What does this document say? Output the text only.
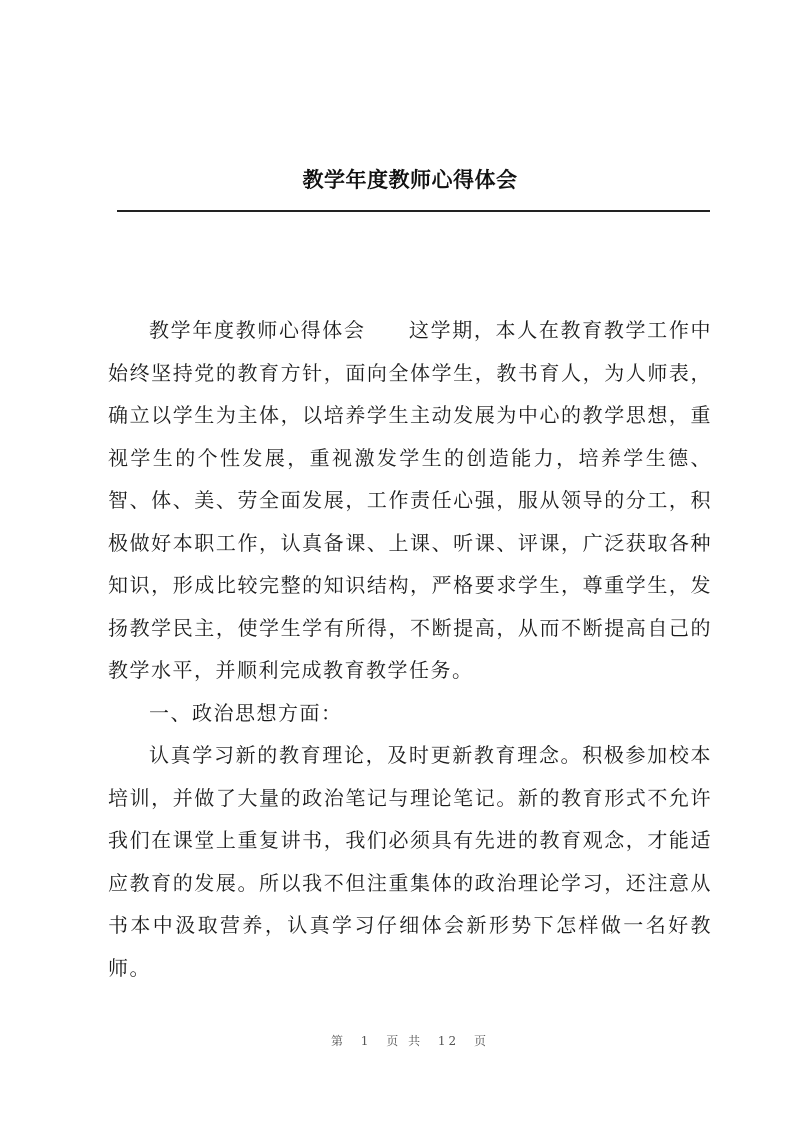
教学年度教师心得体会

教学年度教师心得体会　　这学期，本人在教育教学工作中始终坚持党的教育方针，面向全体学生，教书育人，为人师表，确立以学生为主体，以培养学生主动发展为中心的教学思想，重视学生的个性发展，重视激发学生的创造能力，培养学生德、智、体、美、劳全面发展，工作责任心强，服从领导的分工，积极做好本职工作，认真备课、上课、听课、评课，广泛获取各种知识，形成比较完整的知识结构，严格要求学生，尊重学生，发扬教学民主，使学生学有所得，不断提高，从而不断提高自己的教学水平，并顺利完成教育教学任务。

一、政治思想方面：

认真学习新的教育理论，及时更新教育理念。积极参加校本培训，并做了大量的政治笔记与理论笔记。新的教育形式不允许我们在课堂上重复讲书，我们必须具有先进的教育观念，才能适应教育的发展。所以我不但注重集体的政治理论学习，还注意从书本中汲取营养，认真学习仔细体会新形势下怎样做一名好教师。

第 1 页 共 12 页
